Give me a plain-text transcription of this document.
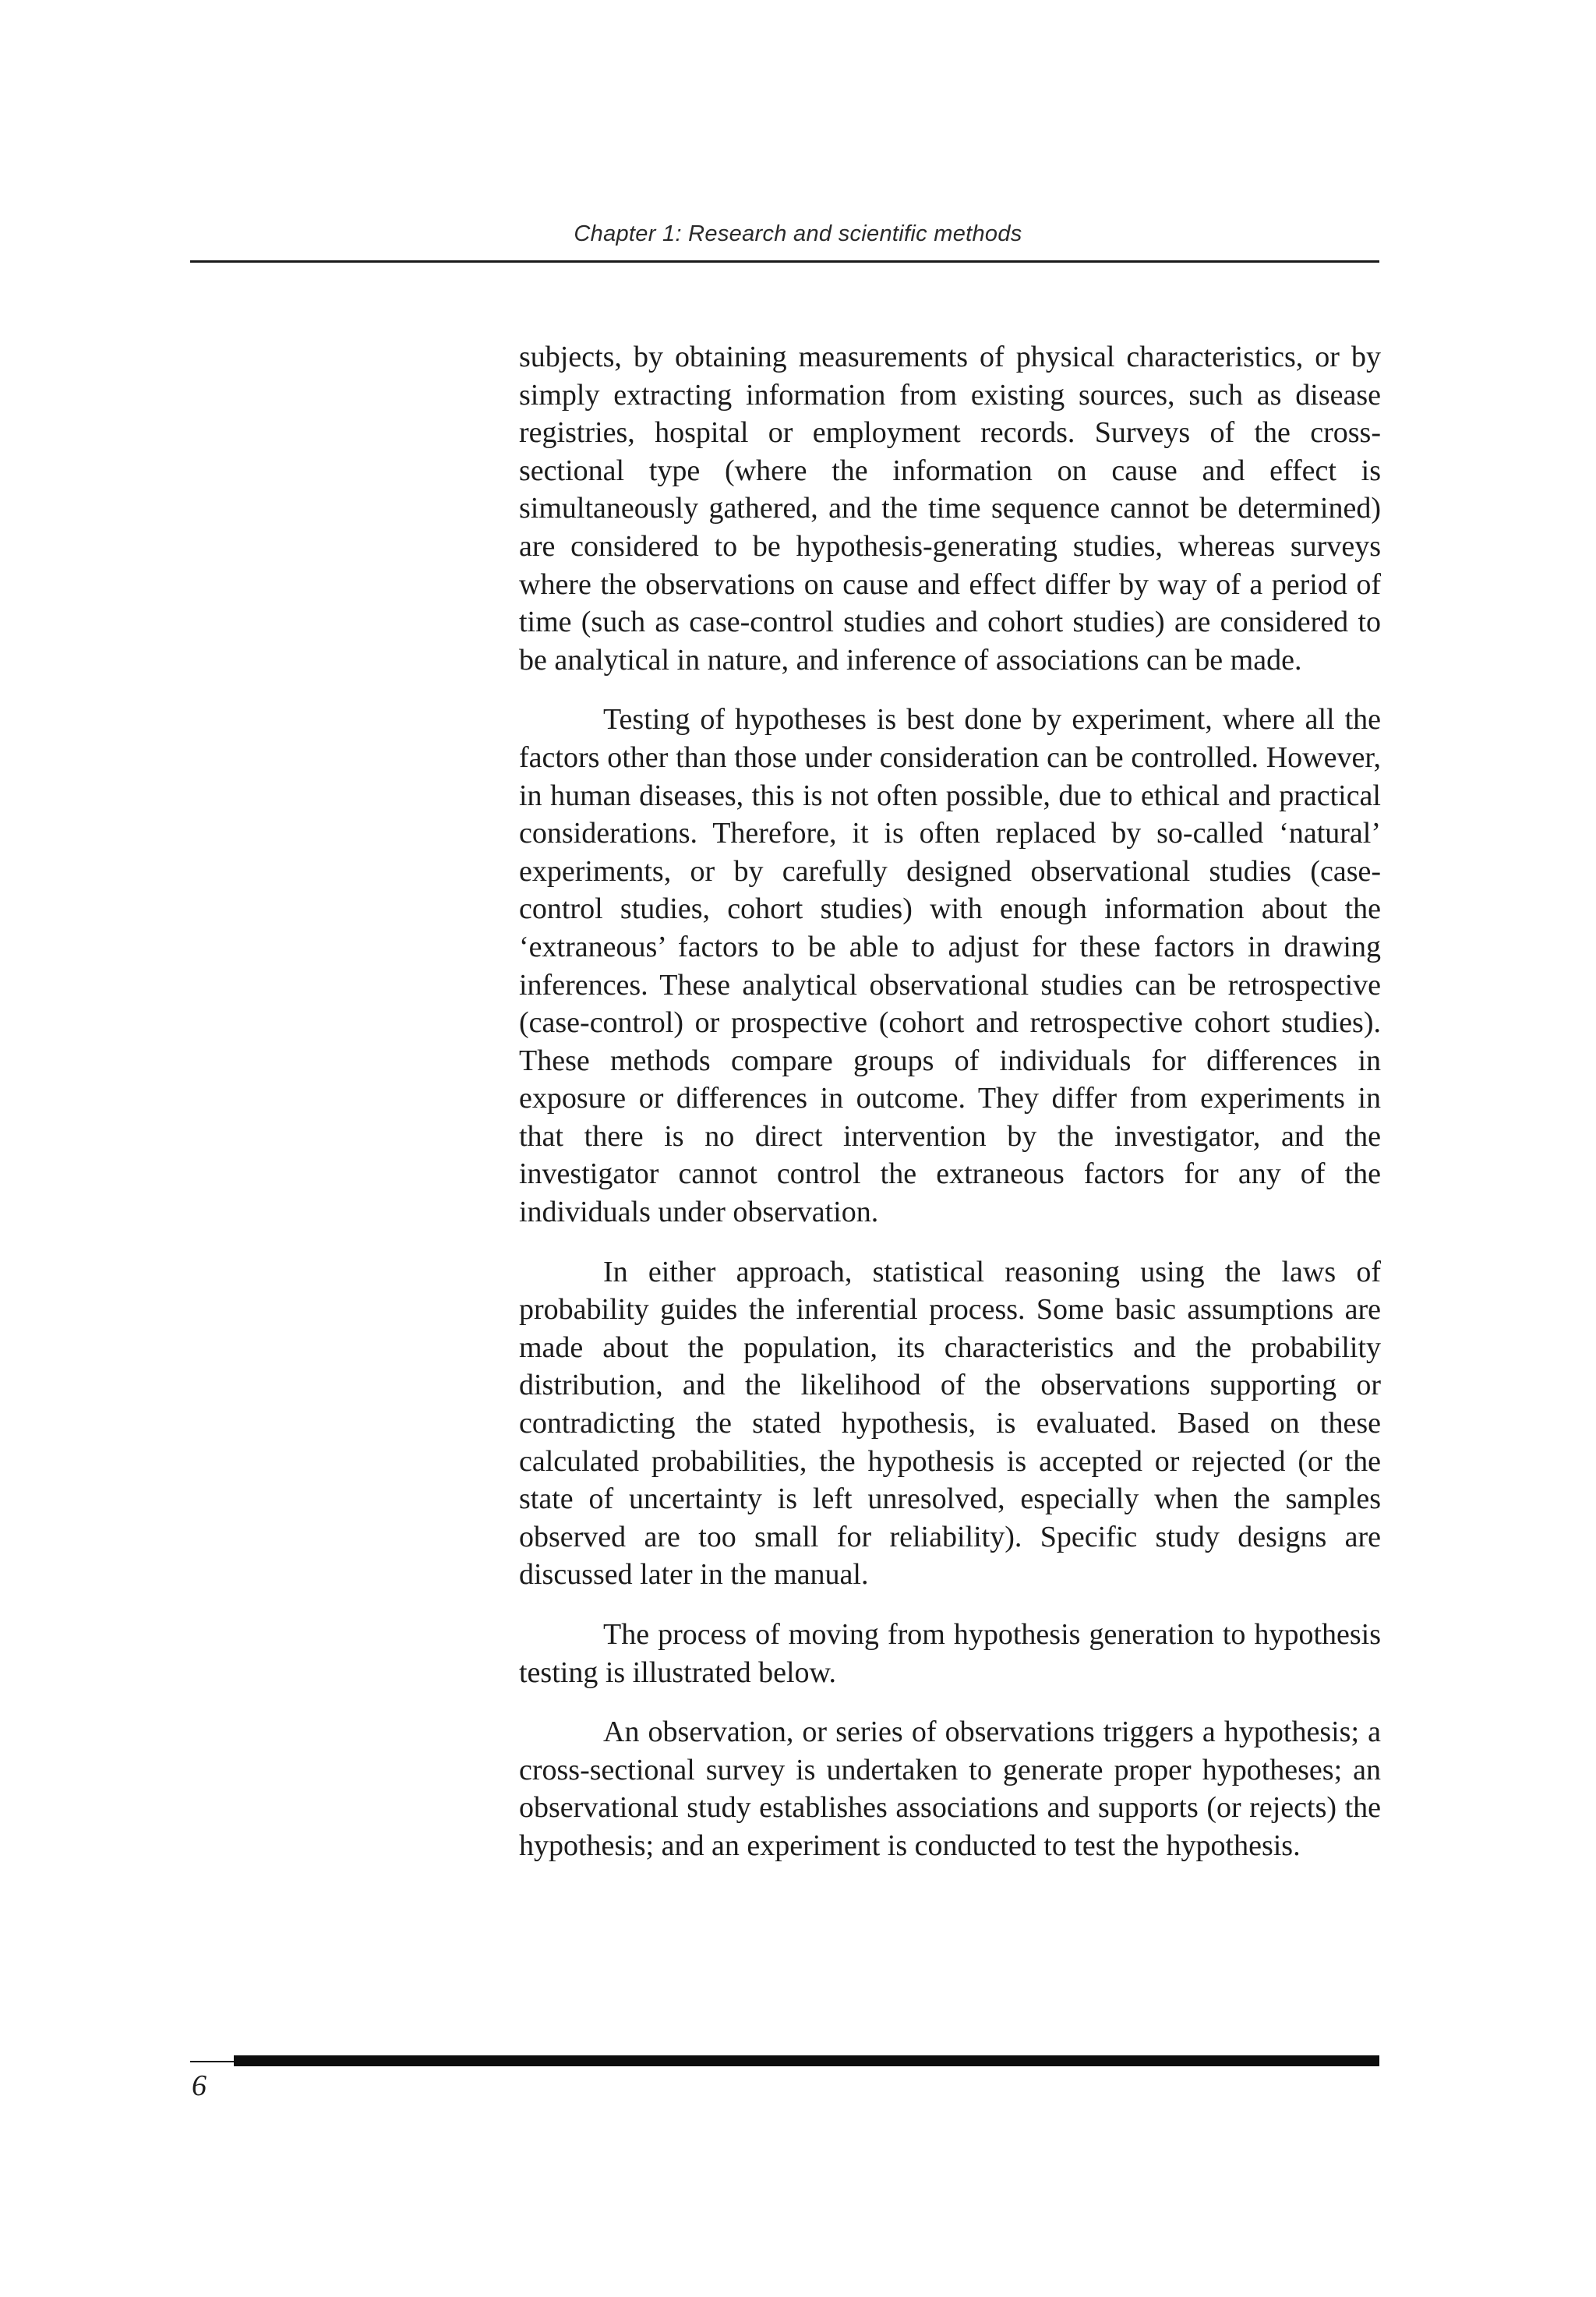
Chapter 1: Research and scientific methods

subjects, by obtaining measurements of physical characteristics, or by simply extracting information from existing sources, such as disease registries, hospital or employment records. Surveys of the cross-sectional type (where the information on cause and effect is simultaneously gathered, and the time sequence cannot be determined) are considered to be hypothesis-generating studies, whereas surveys where the observations on cause and effect differ by way of a period of time (such as case-control studies and cohort studies) are considered to be analytical in nature, and inference of associations can be made.

Testing of hypotheses is best done by experiment, where all the factors other than those under consideration can be controlled. However, in human diseases, this is not often possible, due to ethical and practical considerations. Therefore, it is often replaced by so-called ‘natural’ experiments, or by carefully designed observational studies (case-control studies, cohort studies) with enough information about the ‘extraneous’ factors to be able to adjust for these factors in drawing inferences. These analytical observational studies can be retrospective (case-control) or prospective (cohort and retrospective cohort studies). These methods compare groups of individuals for differences in exposure or differences in outcome. They differ from experiments in that there is no direct intervention by the investigator, and the investigator cannot control the extraneous factors for any of the individuals under observation.

In either approach, statistical reasoning using the laws of probability guides the inferential process. Some basic assumptions are made about the population, its characteristics and the probability distribution, and the likelihood of the observations supporting or contradicting the stated hypothesis, is evaluated. Based on these calculated probabilities, the hypothesis is accepted or rejected (or the state of uncertainty is left unresolved, especially when the samples observed are too small for reliability). Specific study designs are discussed later in the manual.

The process of moving from hypothesis generation to hypothesis testing is illustrated below.

An observation, or series of observations triggers a hypothesis; a cross-sectional survey is undertaken to generate proper hypotheses; an observational study establishes associations and supports (or rejects) the hypothesis; and an experiment is conducted to test the hypothesis.

6
